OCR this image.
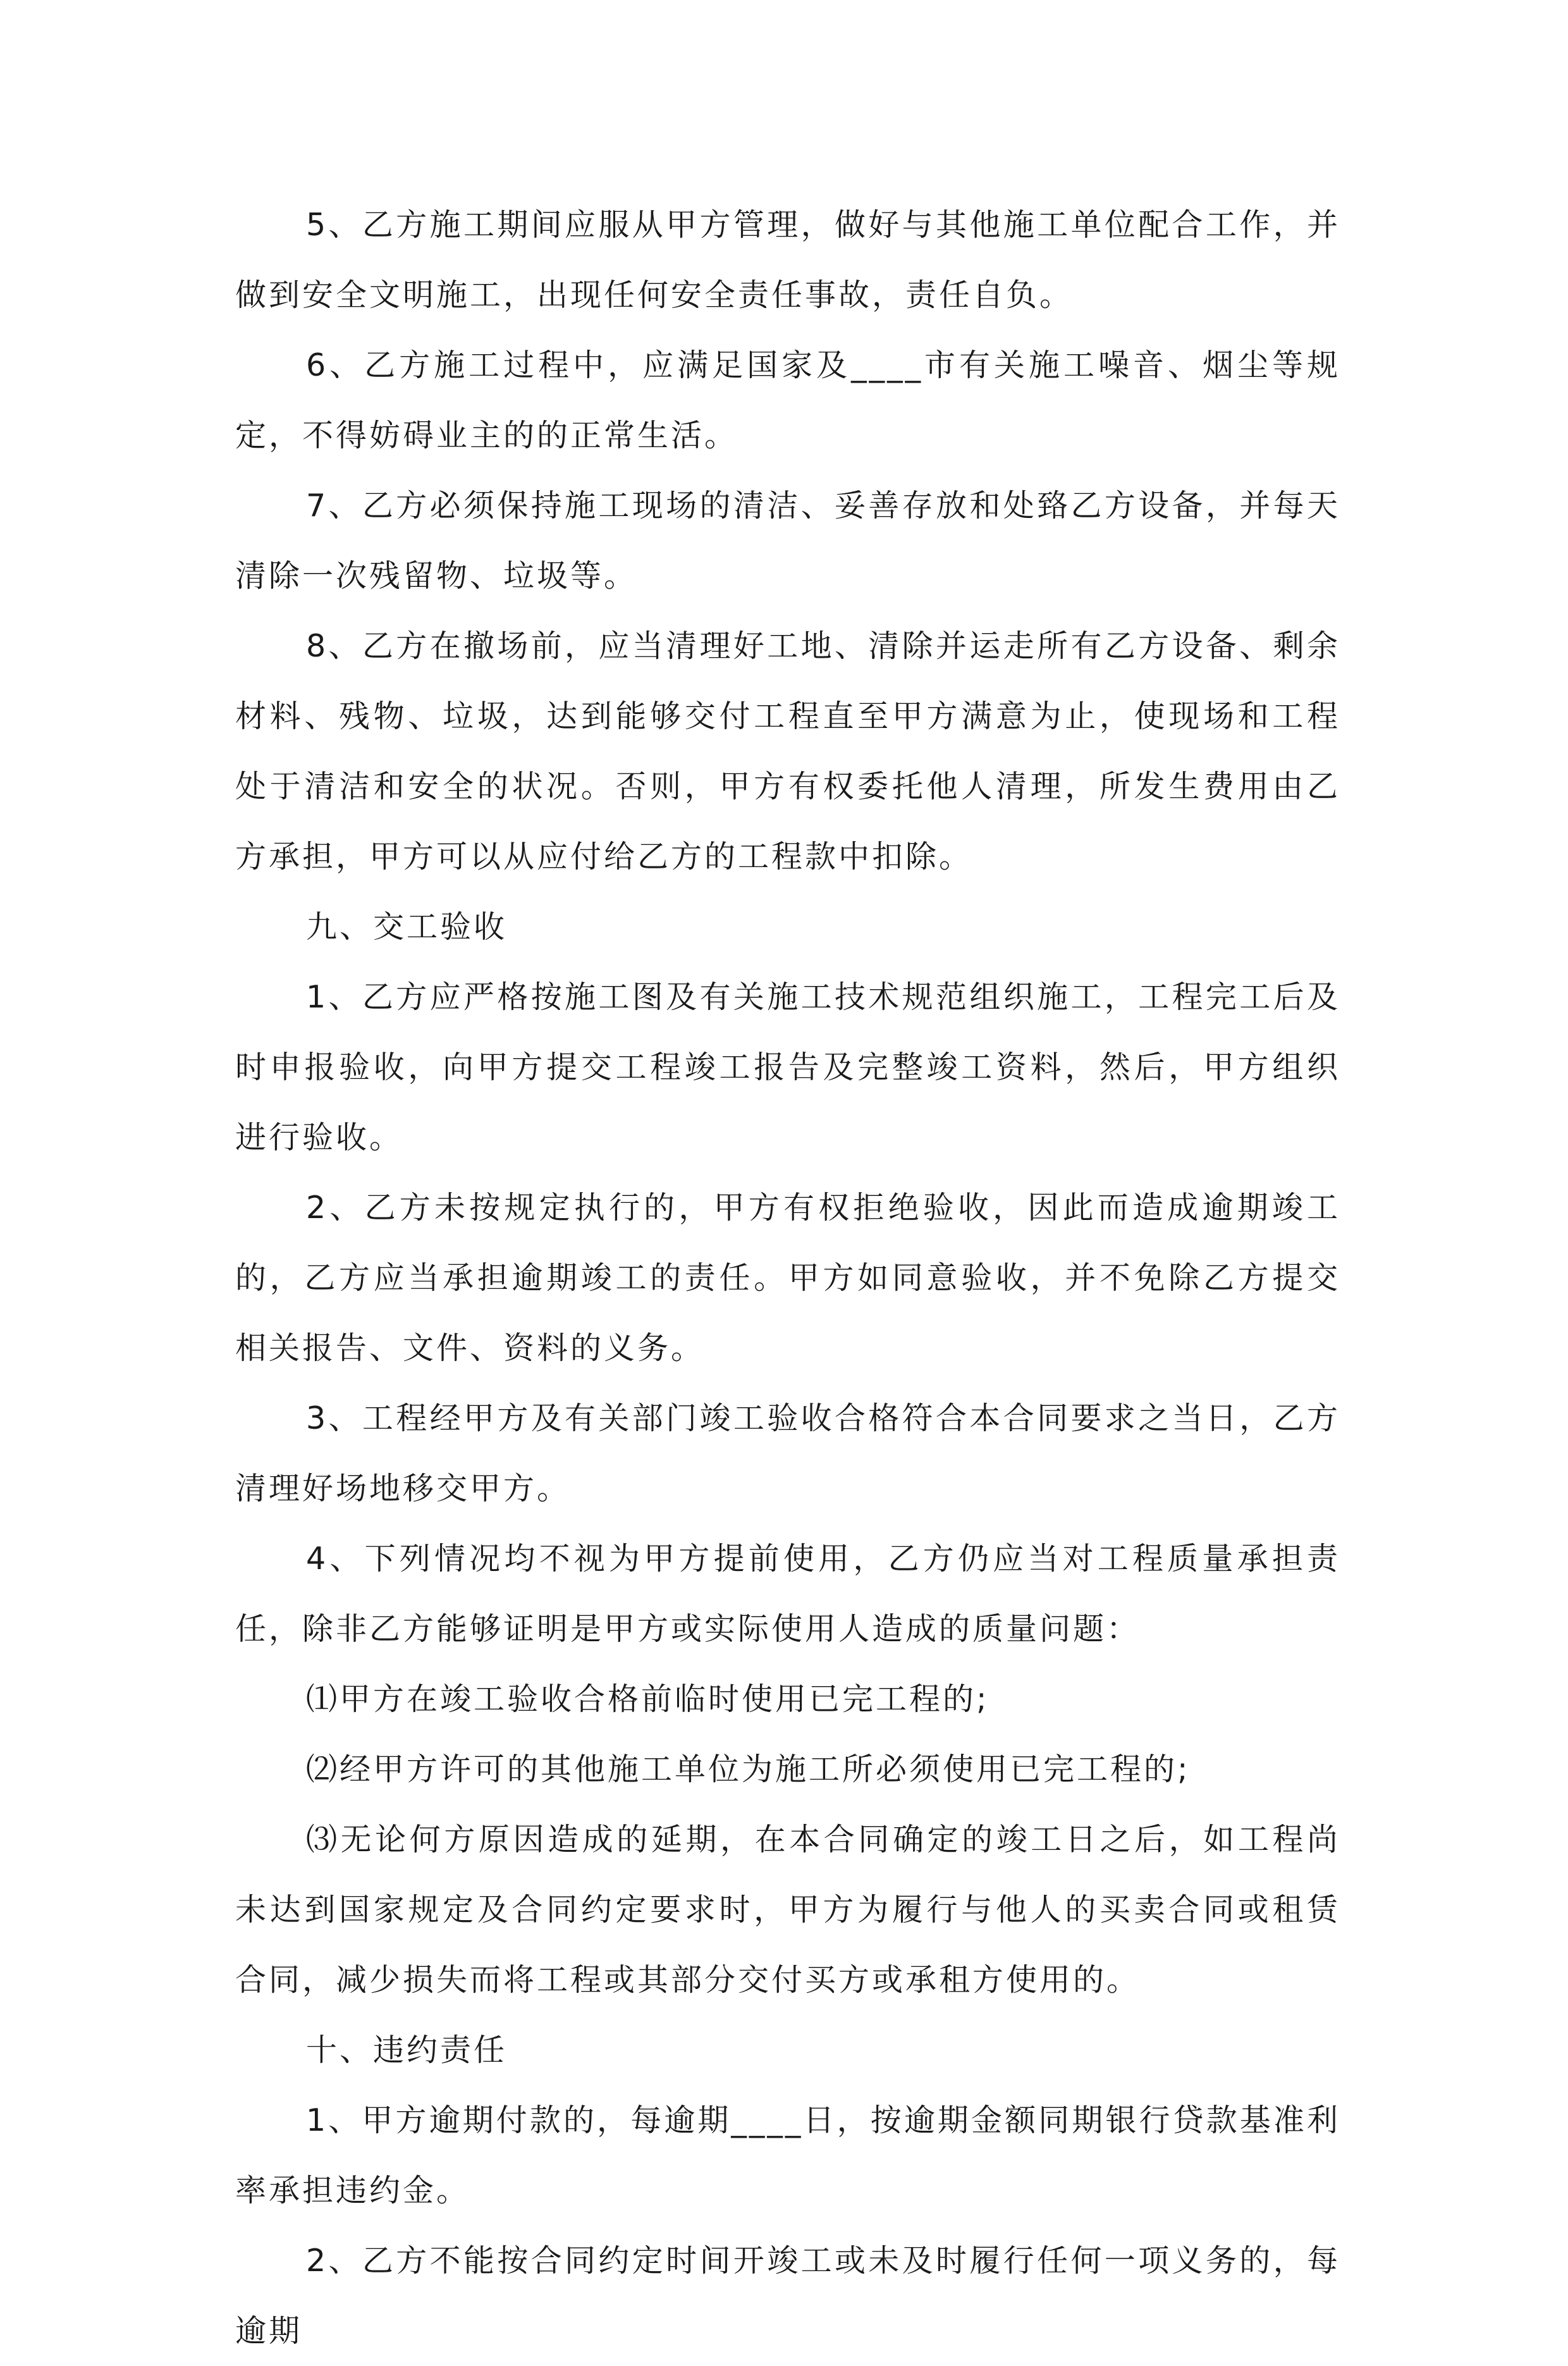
5、乙方施工期间应服从甲方管理，做好与其他施工单位配合工作，并做到安全文明施工，出现任何安全责任事故，责任自负。

6、乙方施工过程中，应满足国家及____市有关施工噪音、烟尘等规定，不得妨碍业主的的正常生活。

7、乙方必须保持施工现场的清洁、妥善存放和处臵乙方设备，并每天清除一次残留物、垃圾等。

8、乙方在撤场前，应当清理好工地、清除并运走所有乙方设备、剩余材料、残物、垃圾，达到能够交付工程直至甲方满意为止，使现场和工程处于清洁和安全的状况。否则，甲方有权委托他人清理，所发生费用由乙方承担，甲方可以从应付给乙方的工程款中扣除。

九、交工验收

1、乙方应严格按施工图及有关施工技术规范组织施工，工程完工后及时申报验收，向甲方提交工程竣工报告及完整竣工资料，然后，甲方组织进行验收。

2、乙方未按规定执行的，甲方有权拒绝验收，因此而造成逾期竣工的，乙方应当承担逾期竣工的责任。甲方如同意验收，并不免除乙方提交相关报告、文件、资料的义务。

3、工程经甲方及有关部门竣工验收合格符合本合同要求之当日，乙方清理好场地移交甲方。

4、下列情况均不视为甲方提前使用，乙方仍应当对工程质量承担责任，除非乙方能够证明是甲方或实际使用人造成的质量问题：

⑴甲方在竣工验收合格前临时使用已完工程的;

⑵经甲方许可的其他施工单位为施工所必须使用已完工程的;

⑶无论何方原因造成的延期，在本合同确定的竣工日之后，如工程尚未达到国家规定及合同约定要求时，甲方为履行与他人的买卖合同或租赁合同，减少损失而将工程或其部分交付买方或承租方使用的。

十、违约责任

1、甲方逾期付款的，每逾期____日，按逾期金额同期银行贷款基准利率承担违约金。

2、乙方不能按合同约定时间开竣工或未及时履行任何一项义务的，每逾期
